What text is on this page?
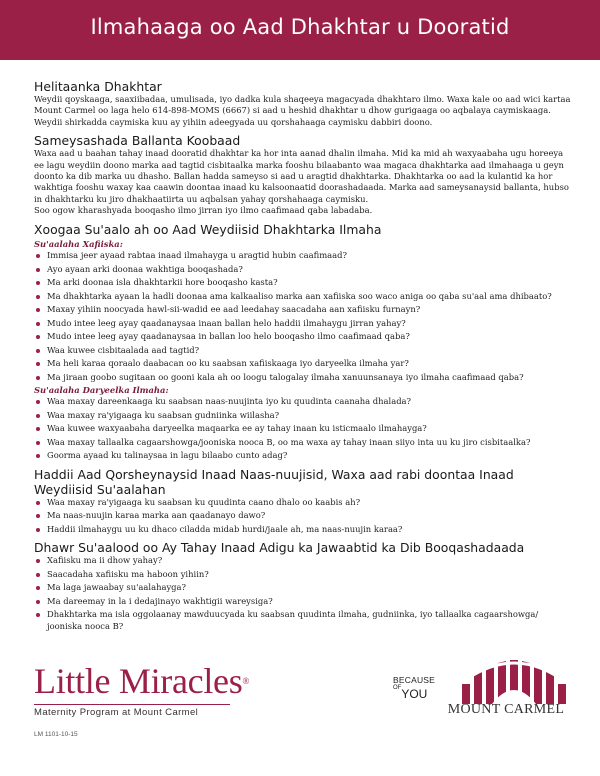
Ilmahaaga oo Aad Dhakhtar u Dooratid
Helitaanka Dhakhtar

Weydii qoyskaaga, saaxiibadaa, umulisada, iyo dadka kula shaqeeya magacyada dhakhtaro ilmo. Waxa kale oo aad wici kartaa Mount Carmel oo laga helo 614-898-MOMS (6667) si aad u heshid dhakhtar u dhow gurigaaga oo aqbalaya caymiskaaga. Weydii shirkadda caymiska kuu ay yihiin adeegyada uu qorshahaaga caymisku dabbiri doono.

Sameysashada Ballanta Koobaad

Waxa aad u baahan tahay inaad dooratid dhakhtar ka hor inta aanad dhalin ilmaha. Mid ka mid ah waxyaabaha ugu horeeya ee lagu weydiin doono marka aad tagtid cisbitaalka marka fooshu bilaabanto waa magaca dhakhtarka aad ilmahaaga u geyn doonto ka dib marka uu dhasho. Ballan hadda sameyso si aad u aragtid dhakhtarka. Dhakhtarka oo aad la kulantid ka hor wakhtiga fooshu waxay kaa caawin doontaa inaad ku kalsoonaatid doorashadaada. Marka aad sameysanaysid ballanta, hubso in dhakhtarku ku jiro dhakhaatiirta uu aqbalsan yahay qorshahaaga caymisku.

Soo ogow kharashyada booqasho ilmo jirran iyo ilmo caafimaad qaba labadaba.

Xoogaa Su'aalo ah oo Aad Weydiisid Dhakhtarka Ilmaha
Su'aalaha Xafiiska:
Immisa jeer ayaad rabtaa inaad ilmahayga u aragtid hubin caafimaad?
Ayo ayaan arki doonaa wakhtiga booqashada?
Ma arki doonaa isla dhakhtarkii hore booqasho kasta?
Ma dhakhtarka ayaan la hadli doonaa ama kalkaaliso marka aan xafiiska soo waco aniga oo qaba su'aal ama dhibaato?
Maxay yihiin noocyada hawl-sii-wadid ee aad leedahay saacadaha aan xafiisku furnayn?
Mudo intee leeg ayay qaadanaysaa inaan ballan helo haddii ilmahaygu jirran yahay?
Mudo intee leeg ayay qaadanaysaa in ballan loo helo booqasho ilmo caafimaad qaba?
Waa kuwee cisbitaalada aad tagtid?
Ma heli karaa qoraalo daabacan oo ku saabsan xafiiskaaga iyo daryeelka ilmaha yar?
Ma jiraan goobo sugitaan oo gooni kala ah oo loogu talogalay ilmaha xanuunsanaya iyo ilmaha caafimaad qaba?
Su'aalaha Daryeelka Ilmaha:
Waa maxay dareenkaaga ku saabsan naas-nuujinta iyo ku quudinta caanaha dhalada?
Waa maxay ra'yigaaga ku saabsan gudniinka wiilasha?
Waa kuwee waxyaabaha daryeelka maqaarka ee ay tahay inaan ku isticmaalo ilmahayga?
Waa maxay tallaalka cagaarshowga/jooniska nooca B, oo ma waxa ay tahay inaan siiyo inta uu ku jiro cisbitaalka?
Goorma ayaad ku talinaysaa in lagu bilaabo cunto adag?
Haddii Aad Qorsheynaysid Inaad Naas-nuujisid, Waxa aad rabi doontaa Inaad Weydiisid Su'aalahan
Waa maxay ra'yigaaga ku saabsan ku quudinta caano dhalo oo kaabis ah?
Ma naas-nuujin karaa marka aan qaadanayo dawo?
Haddii ilmahaygu uu ku dhaco ciladda midab hurdi/jaale ah, ma naas-nuujin karaa?
Dhawr Su'aalood oo Ay Tahay Inaad Adigu ka Jawaabtid ka Dib Booqashadaada
Xafiisku ma ii dhow yahay?
Saacadaha xafiisku ma haboon yihiin?
Ma laga jawaabay su'aalahayga?
Ma dareemay in la i dedajinayo wakhtigii wareysiga?
Dhakhtarka ma isla oggolaanay mawduucyada ku saabsan quudinta ilmaha, gudniinka, iyo tallaalka cagaarshowga/ jooniska nooca B?
Little Miracles®
Maternity Program at Mount Carmel
LM 1101-10-15
BECAUSE
OFYOU
MOUNT CARMEL
